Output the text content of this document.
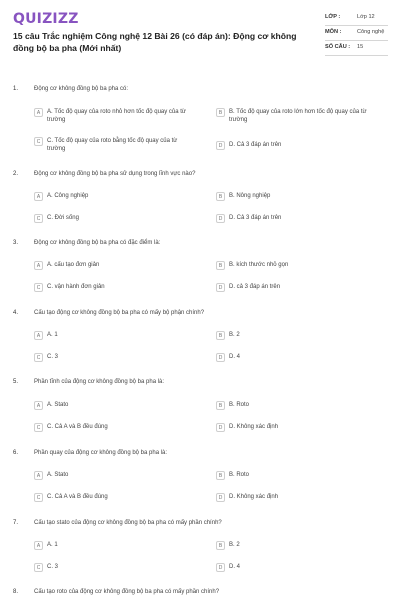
QUIZIZZ
15 câu Trắc nghiệm Công nghệ 12 Bài 26 (có đáp án): Động cơ không đồng bộ ba pha (Mới nhất)
LỚP :	Lớp 12
MÔN :	Công nghệ
SỐ CÂU :	15
1.	Động cơ không đồng bộ ba pha có:
A	A. Tốc độ quay của roto nhỏ hơn tốc độ quay của từ trường
B	B. Tốc độ quay của roto lớn hơn tốc độ quay của từ trường
C	C. Tốc độ quay của roto bằng tốc độ quay của từ trường
D	D. Cả 3 đáp án trên
2.	Động cơ không đồng bộ ba pha sử dụng trong lĩnh vực nào?
A	A. Công nghiệp	B	B. Nông nghiệp
C	C. Đời sống	D	D. Cả 3 đáp án trên
3.	Động cơ không đồng bộ ba pha có đặc điểm là:
A	A. cấu tạo đơn giản	B	B. kích thước nhỏ gọn
C	C. vận hành đơn giản	D	D. cả 3 đáp án trên
4.	Cấu tạo động cơ không đồng bộ ba pha có mấy bộ phận chính?
A	A. 1	B	B. 2
C	C. 3	D	D. 4
5.	Phần tĩnh của động cơ không đồng bộ ba pha là:
A	A. Stato	B	B. Roto
C	C. Cả A và B đều đúng	D	D. Không xác định
6.	Phần quay của động cơ không đồng bộ ba pha là:
A	A. Stato	B	B. Roto
C	C. Cả A và B đều đúng	D	D. Không xác định
7.	Cấu tạo stato của động cơ không đồng bộ ba pha có mấy phần chính?
A	A. 1	B	B. 2
C	C. 3	D	D. 4
8.	Cấu tạo roto của động cơ không đồng bộ ba pha có mấy phần chính?
